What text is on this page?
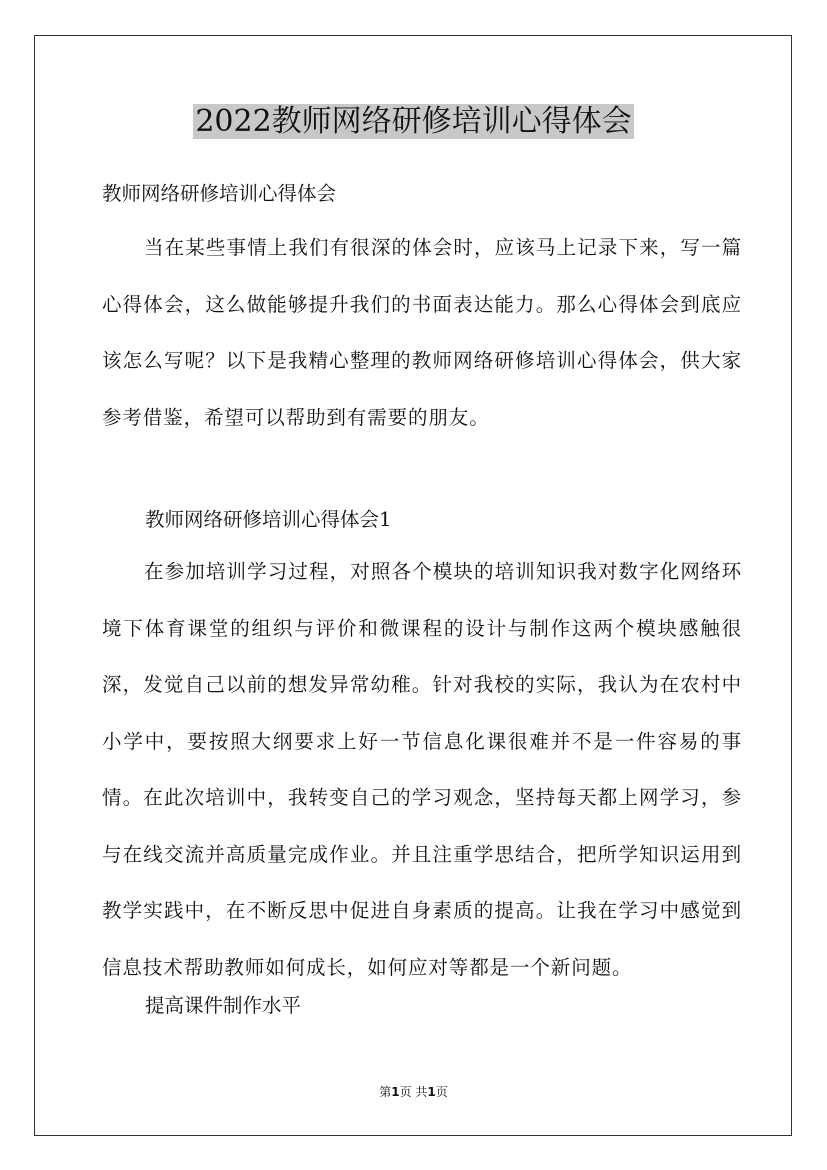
2022教师网络研修培训心得体会

教师网络研修培训心得体会

当在某些事情上我们有很深的体会时，应该马上记录下来，写一篇心得体会，这么做能够提升我们的书面表达能力。那么心得体会到底应该怎么写呢？以下是我精心整理的教师网络研修培训心得体会，供大家参考借鉴，希望可以帮助到有需要的朋友。

教师网络研修培训心得体会1

在参加培训学习过程，对照各个模块的培训知识我对数字化网络环境下体育课堂的组织与评价和微课程的设计与制作这两个模块感触很深，发觉自己以前的想发异常幼稚。针对我校的实际，我认为在农村中小学中，要按照大纲要求上好一节信息化课很难并不是一件容易的事情。在此次培训中，我转变自己的学习观念，坚持每天都上网学习，参与在线交流并高质量完成作业。并且注重学思结合，把所学知识运用到教学实践中，在不断反思中促进自身素质的提高。让我在学习中感觉到信息技术帮助教师如何成长，如何应对等都是一个新问题。

提高课件制作水平

第1页 共1页
